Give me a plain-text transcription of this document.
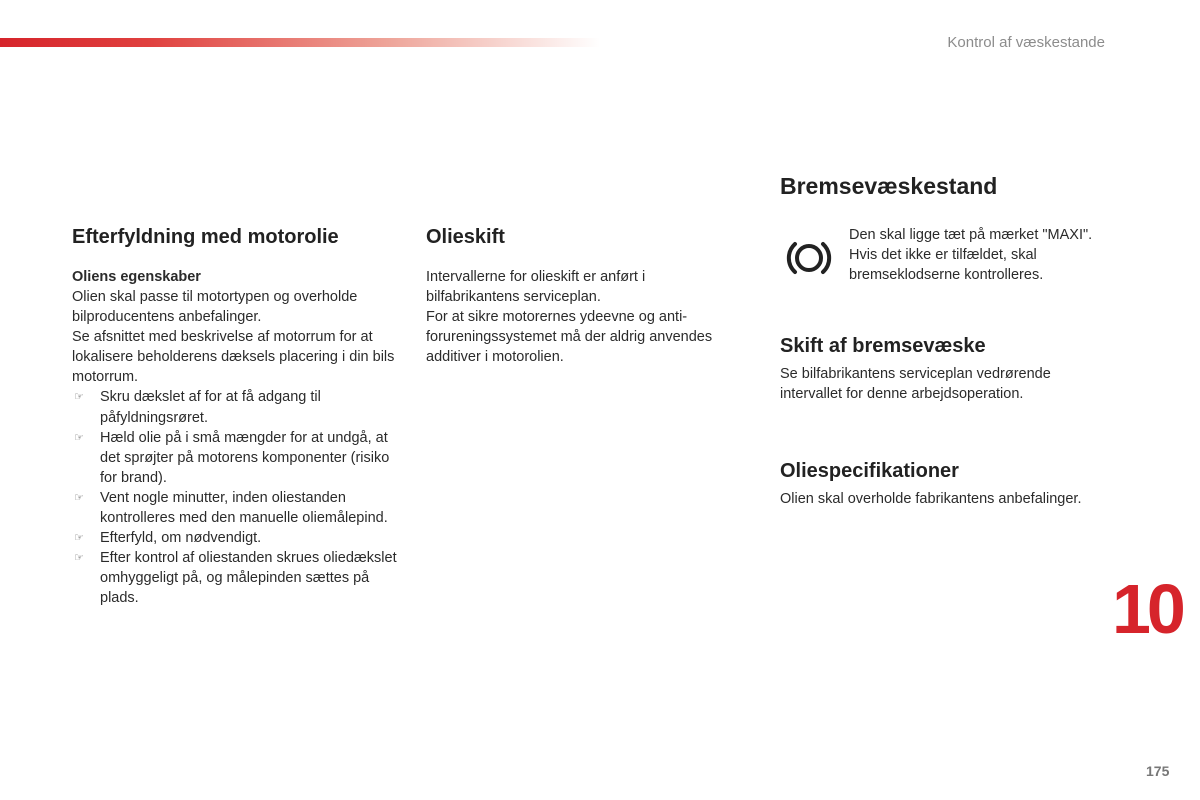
Kontrol af væskestande
Efterfyldning med motorolie
Oliens egenskaber

Olien skal passe til motortypen og overholde bilproducentens anbefalinger.

Se afsnittet med beskrivelse af motorrum for at lokalisere beholderens dæksels placering i din bils motorrum.

☞ Skru dækslet af for at få adgang til påfyldningsrøret.
☞ Hæld olie på i små mængder for at undgå, at det sprøjter på motorens komponenter (risiko for brand).
☞ Vent nogle minutter, inden oliestanden kontrolleres med den manuelle oliemålepind.
☞ Efterfyld, om nødvendigt.
☞ Efter kontrol af oliestanden skrues oliedækslet omhyggeligt på, og målepinden sættes på plads.
Olieskift

Intervallerne for olieskift er anført i bilfabrikantens serviceplan.

For at sikre motorernes ydeevne og anti-forureningssystemet må der aldrig anvendes additiver i motorolien.

Bremsevæskestand

Den skal ligge tæt på mærket "MAXI". Hvis det ikke er tilfældet, skal bremseklodserne kontrolleres.

Skift af bremsevæske

Se bilfabrikantens serviceplan vedrørende intervallet for denne arbejdsoperation.

Oliespecifikationer

Olien skal overholde fabrikantens anbefalinger.

10
175
